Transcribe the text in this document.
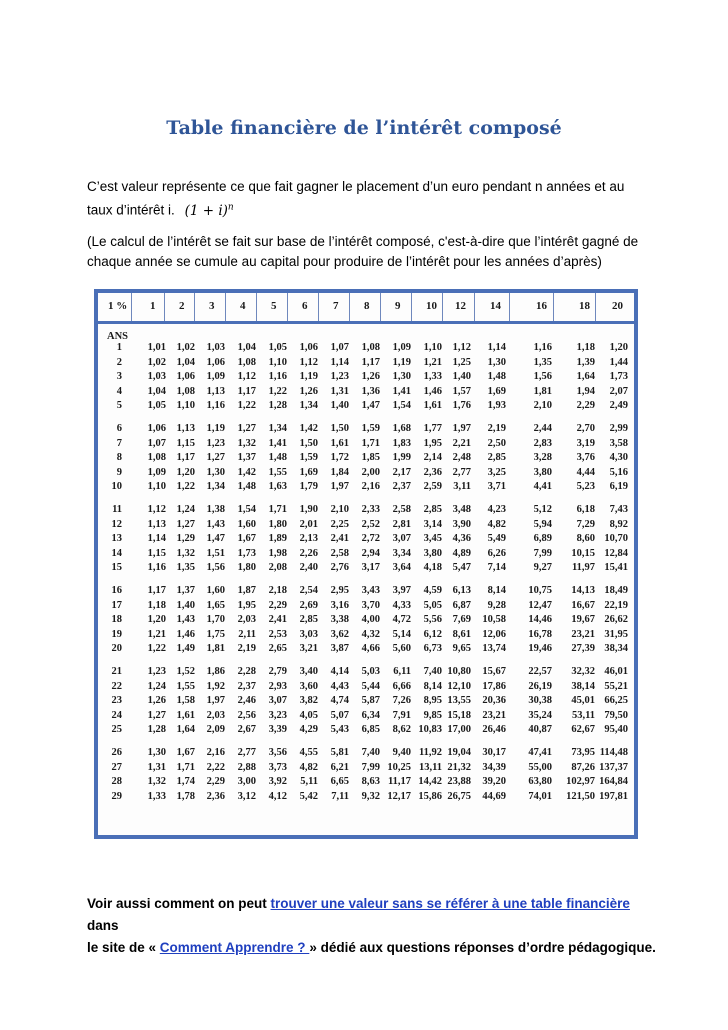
Table financière de l’intérêt composé
C’est valeur représente ce que fait gagner le placement d’un euro pendant n années et au
taux d’intérêt i. $(1 + i)^n$
(Le calcul de l’intérêt se fait sur base de l’intérêt composé, c'est-à-dire que l’intérêt gagné de
chaque année se cumule au capital pour produire de l’intérêt pour les années d’après)
1 % 1 2 3 4 5 6 7 8 9 10 12 14	16	18 20
ANS
1	1,01	1,02	1,03	1,04	1,05	1,06	1,07	1,08	1,09	1,10	1,12	1,14	1,16	1,18	1,20
2	1,02	1,04	1,06	1,08	1,10	1,12	1,14	1,17	1,19	1,21	1,25	1,30	1,35	1,39	1,44
3	1,03	1,06	1,09	1,12	1,16	1,19	1,23	1,26	1,30	1,33	1,40	1,48	1,56	1,64	1,73
4	1,04	1,08	1,13	1,17	1,22	1,26	1,31	1,36	1,41	1,46	1,57	1,69	1,81	1,94	2,07
5	1,05	1,10	1,16	1,22	1,28	1,34	1,40	1,47	1,54	1,61	1,76	1,93	2,10	2,29	2,49
6	1,06	1,13	1,19	1,27	1,34	1,42	1,50	1,59	1,68	1,77	1,97	2,19	2,44	2,70	2,99
7	1,07	1,15	1,23	1,32	1,41	1,50	1,61	1,71	1,83	1,95	2,21	2,50	2,83	3,19	3,58
8	1,08	1,17	1,27	1,37	1,48	1,59	1,72	1,85	1,99	2,14	2,48	2,85	3,28	3,76	4,30
9	1,09	1,20	1,30	1,42	1,55	1,69	1,84	2,00	2,17	2,36	2,77	3,25	3,80	4,44	5,16
10	1,10	1,22	1,34	1,48	1,63	1,79	1,97	2,16	2,37	2,59	3,11	3,71	4,41	5,23	6,19
11	1,12	1,24	1,38	1,54	1,71	1,90	2,10	2,33	2,58	2,85	3,48	4,23	5,12	6,18	7,43
12	1,13	1,27	1,43	1,60	1,80	2,01	2,25	2,52	2,81	3,14	3,90	4,82	5,94	7,29	8,92
13	1,14	1,29	1,47	1,67	1,89	2,13	2,41	2,72	3,07	3,45	4,36	5,49	6,89	8,60 10,70
14	1,15	1,32	1,51	1,73	1,98	2,26	2,58	2,94	3,34	3,80	4,89	6,26	7,99	10,15 12,84
15	1,16	1,35	1,56	1,80	2,08	2,40	2,76	3,17	3,64	4,18	5,47	7,14	9,27	11,97 15,41
16	1,17	1,37	1,60	1,87	2,18	2,54	2,95	3,43	3,97	4,59	6,13	8,14	10,75	14,13 18,49
17	1,18	1,40	1,65	1,95	2,29	2,69	3,16	3,70	4,33	5,05	6,87	9,28	12,47	16,67 22,19
18	1,20	1,43	1,70	2,03	2,41	2,85	3,38	4,00	4,72	5,56	7,69	10,58	14,46	19,67 26,62
19	1,21	1,46	1,75	2,11	2,53	3,03	3,62	4,32	5,14	6,12	8,61	12,06	16,78	23,21 31,95
20	1,22	1,49	1,81	2,19	2,65	3,21	3,87	4,66	5,60	6,73	9,65	13,74	19,46	27,39 38,34
21	1,23	1,52	1,86	2,28	2,79	3,40	4,14	5,03	6,11	7,40 10,80	15,67	22,57	32,32 46,01
22	1,24	1,55	1,92	2,37	2,93	3,60	4,43	5,44	6,66	8,14 12,10	17,86	26,19	38,14 55,21
23	1,26	1,58	1,97	2,46	3,07	3,82	4,74	5,87	7,26	8,95 13,55	20,36	30,38	45,01 66,25
24	1,27	1,61	2,03	2,56	3,23	4,05	5,07	6,34	7,91	9,85 15,18	23,21	35,24	53,11 79,50
25	1,28	1,64	2,09	2,67	3,39	4,29	5,43	6,85	8,62 10,83 17,00	26,46	40,87	62,67 95,40
26	1,30	1,67	2,16	2,77	3,56	4,55	5,81	7,40	9,40 11,92 19,04	30,17	47,41	73,95 114,48
27	1,31	1,71	2,22	2,88	3,73	4,82	6,21	7,99 10,25 13,11 21,32	34,39	55,00	87,26 137,37
28	1,32	1,74	2,29	3,00	3,92	5,11	6,65	8,63 11,17 14,42 23,88	39,20	63,80 102,97 164,84
29	1,33	1,78	2,36	3,12	4,12	5,42	7,11	9,32 12,17 15,86 26,75	44,69	74,01 121,50 197,81
Voir aussi comment on peut trouver une valeur sans se référer à une table financière dans
le site de « Comment Apprendre ? » dédié aux questions réponses d’ordre pédagogique.
